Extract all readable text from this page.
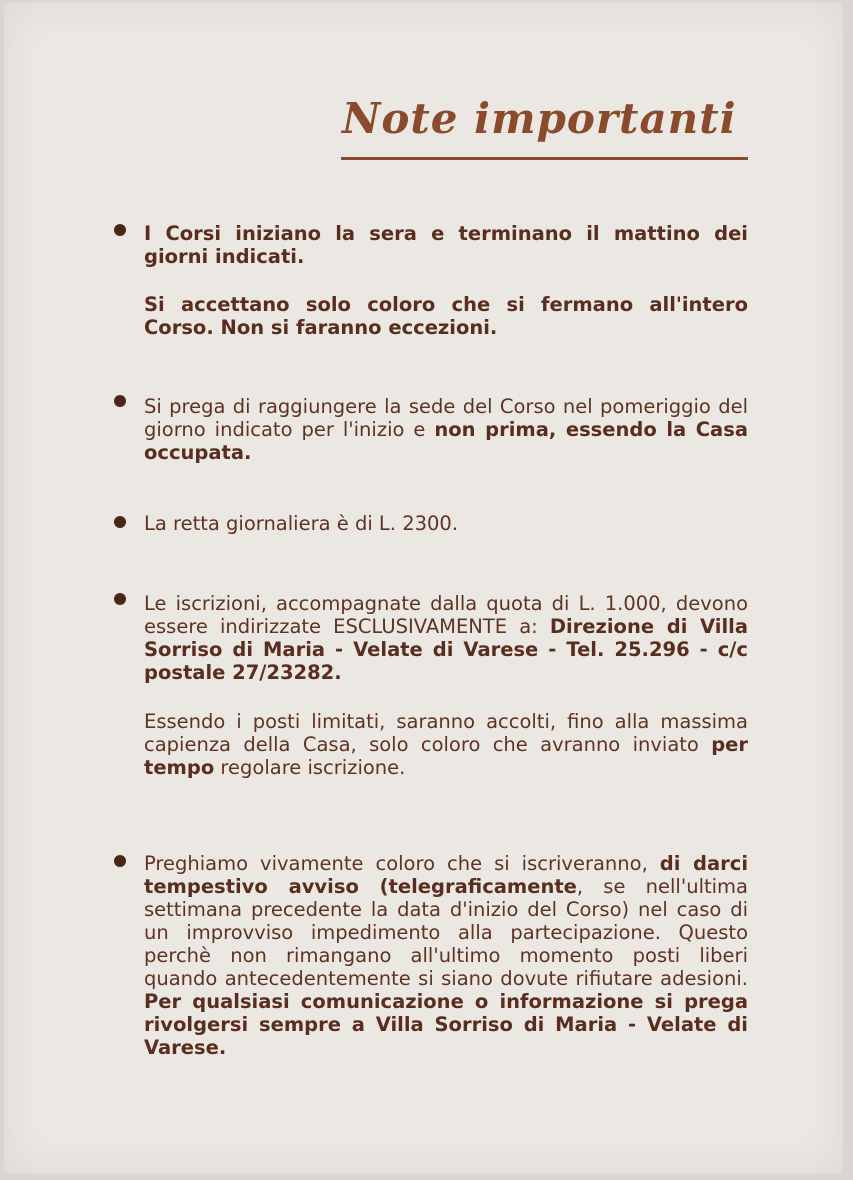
Note importanti
I Corsi iniziano la sera e terminano il mattino dei giorni indicati.
Si accettano solo coloro che si fermano all'intero Corso. Non si faranno eccezioni.
Si prega di raggiungere la sede del Corso nel pomeriggio del giorno indicato per l'inizio e non prima, essendo la Casa occupata.
La retta giornaliera è di L. 2300.
Le iscrizioni, accompagnate dalla quota di L. 1.000, devono essere indirizzate ESCLUSIVAMENTE a: Direzione di Villa Sorriso di Maria - Velate di Varese - Tel. 25.296 - c/c postale 27/23282.
Essendo i posti limitati, saranno accolti, fino alla massima capienza della Casa, solo coloro che avranno inviato per tempo regolare iscrizione.
Preghiamo vivamente coloro che si iscriveranno, di darci tempestivo avviso (telegraficamente, se nell'ultima settimana precedente la data d'inizio del Corso) nel caso di un improvviso impedimento alla partecipazione. Questo perchè non rimangano all'ultimo momento posti liberi quando antecedentemente si siano dovute rifiutare adesioni. Per qualsiasi comunicazione o informazione si prega rivolgersi sempre a Villa Sorriso di Maria - Velate di Varese.
